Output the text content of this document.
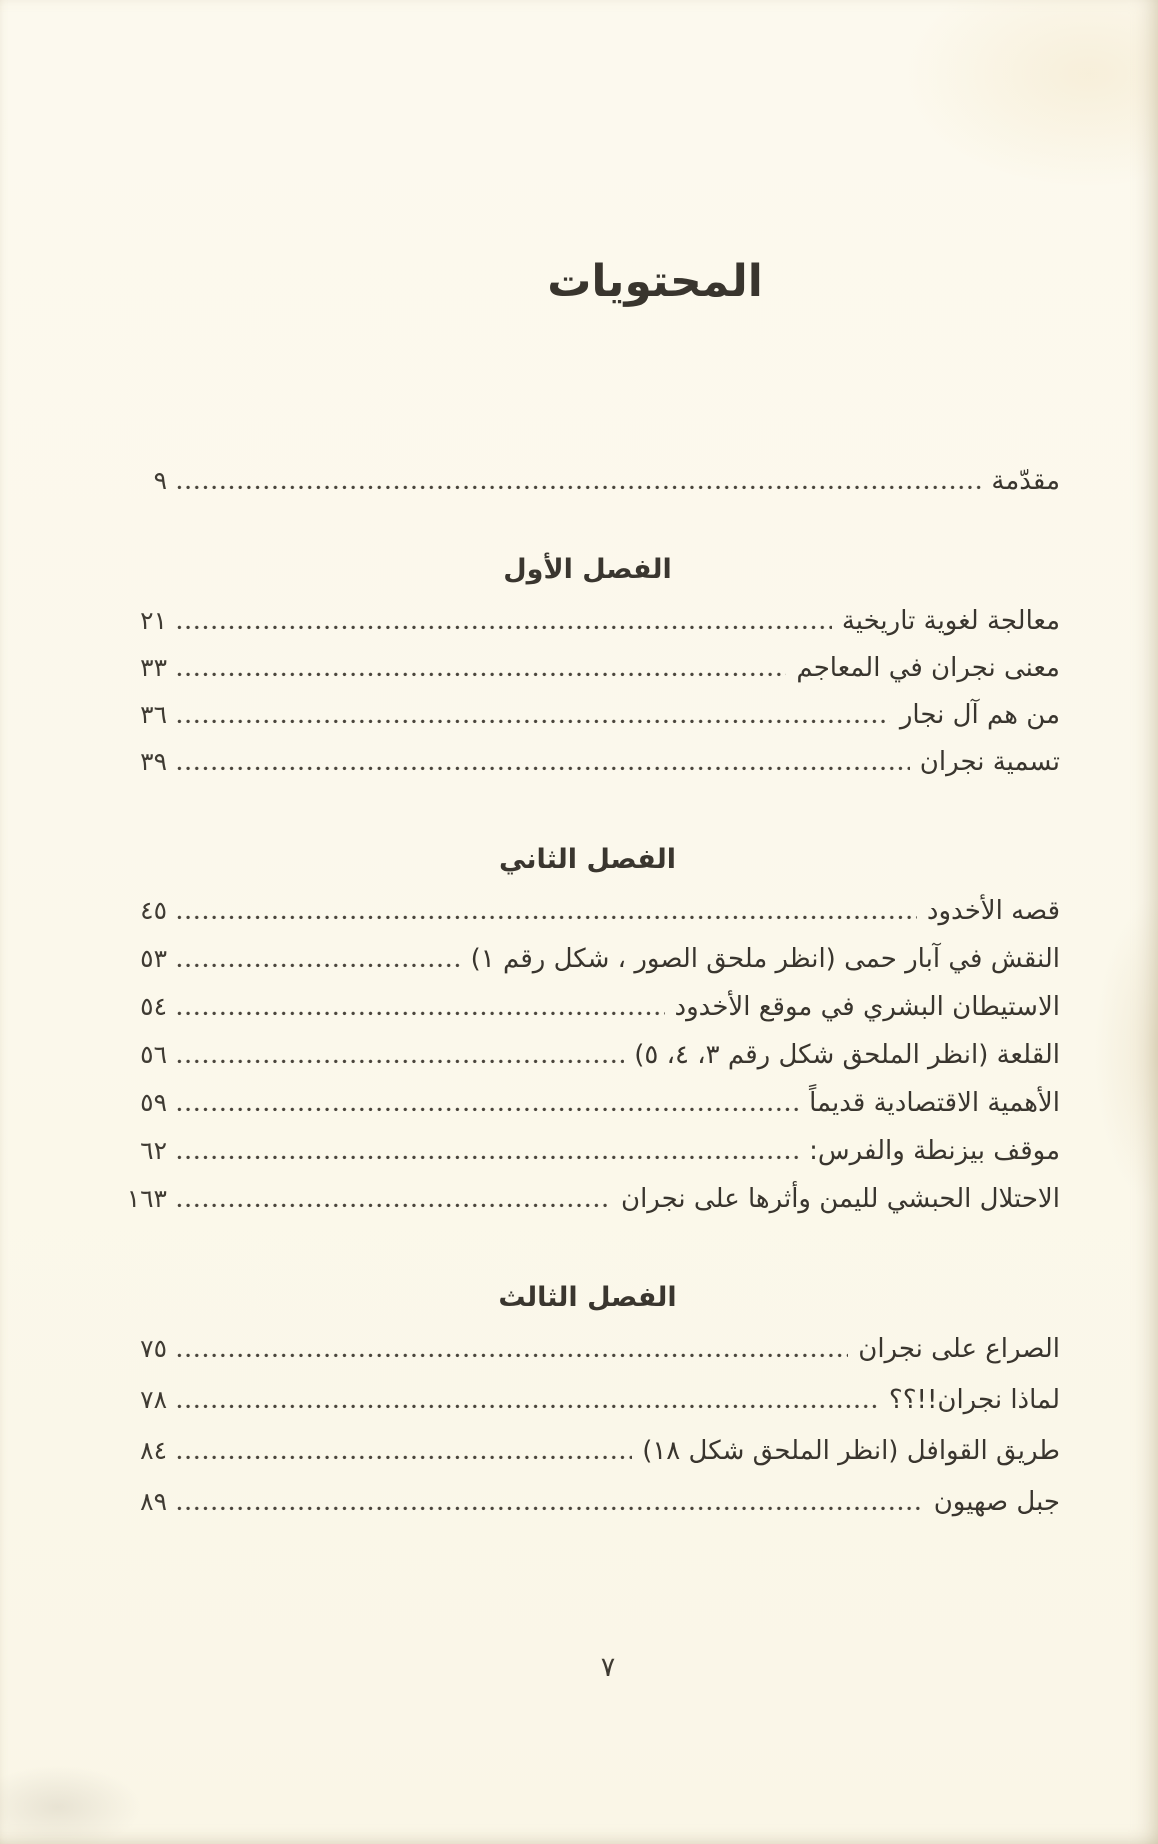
المحتويات
٩	مقدّمة
الفصل الأول
٢١	معالجة لغوية تاريخية
٣٣	معنى نجران في المعاجم
٣٦	من هم آل نجار
٣٩	تسمية نجران
الفصل الثاني
٤٥	قصه الأخدود
٥٣	النقش في آبار حمى (انظر ملحق الصور ، شكل رقم ١)
٥٤	الاستيطان البشري في موقع الأخدود
٥٦	القلعة (انظر الملحق شكل رقم ٣، ٤، ٥)
٥٩	الأهمية الاقتصادية قديماً
٦٢	موقف بيزنطة والفرس:
١٦٣	الاحتلال الحبشي لليمن وأثرها على نجران
الفصل الثالث
٧٥	الصراع على نجران
٧٨	لماذا نجران!!؟؟
٨٤	طريق القوافل (انظر الملحق شكل ١٨)
٨٩	جبل صهيون
٧
